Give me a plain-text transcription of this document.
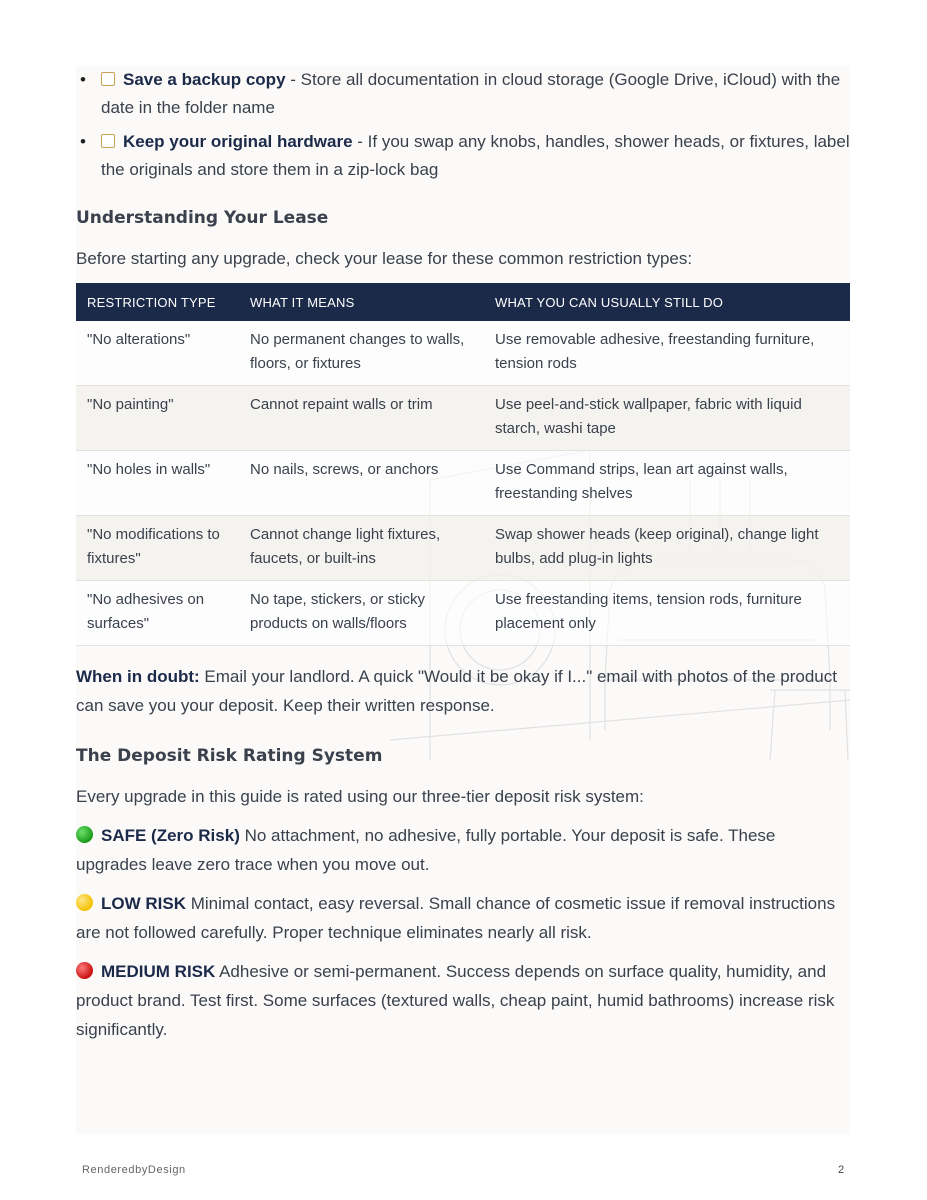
• Save a backup copy - Store all documentation in cloud storage (Google Drive, iCloud) with the date in the folder name
• Keep your original hardware - If you swap any knobs, handles, shower heads, or fixtures, label the originals and store them in a zip-lock bag
Understanding Your Lease

Before starting any upgrade, check your lease for these common restriction types:

RESTRICTION TYPE	WHAT IT MEANS	WHAT YOU CAN USUALLY STILL DO
"No alterations"	No permanent changes to walls, floors, or fixtures	Use removable adhesive, freestanding furniture, tension rods
"No painting"	Cannot repaint walls or trim	Use peel-and-stick wallpaper, fabric with liquid starch, washi tape
"No holes in walls"	No nails, screws, or anchors	Use Command strips, lean art against walls, freestanding shelves
"No modifications to fixtures"	Cannot change light fixtures, faucets, or built-ins	Swap shower heads (keep original), change light bulbs, add plug-in lights
"No adhesives on surfaces"	No tape, stickers, or sticky products on walls/floors	Use freestanding items, tension rods, furniture placement only

When in doubt: Email your landlord. A quick "Would it be okay if I..." email with photos of the product can save you your deposit. Keep their written response.

The Deposit Risk Rating System

Every upgrade in this guide is rated using our three-tier deposit risk system:

SAFE (Zero Risk) No attachment, no adhesive, fully portable. Your deposit is safe. These upgrades leave zero trace when you move out.

LOW RISK Minimal contact, easy reversal. Small chance of cosmetic issue if removal instructions are not followed carefully. Proper technique eliminates nearly all risk.

MEDIUM RISK Adhesive or semi-permanent. Success depends on surface quality, humidity, and product brand. Test first. Some surfaces (textured walls, cheap paint, humid bathrooms) increase risk significantly.

RenderedbyDesign	2
